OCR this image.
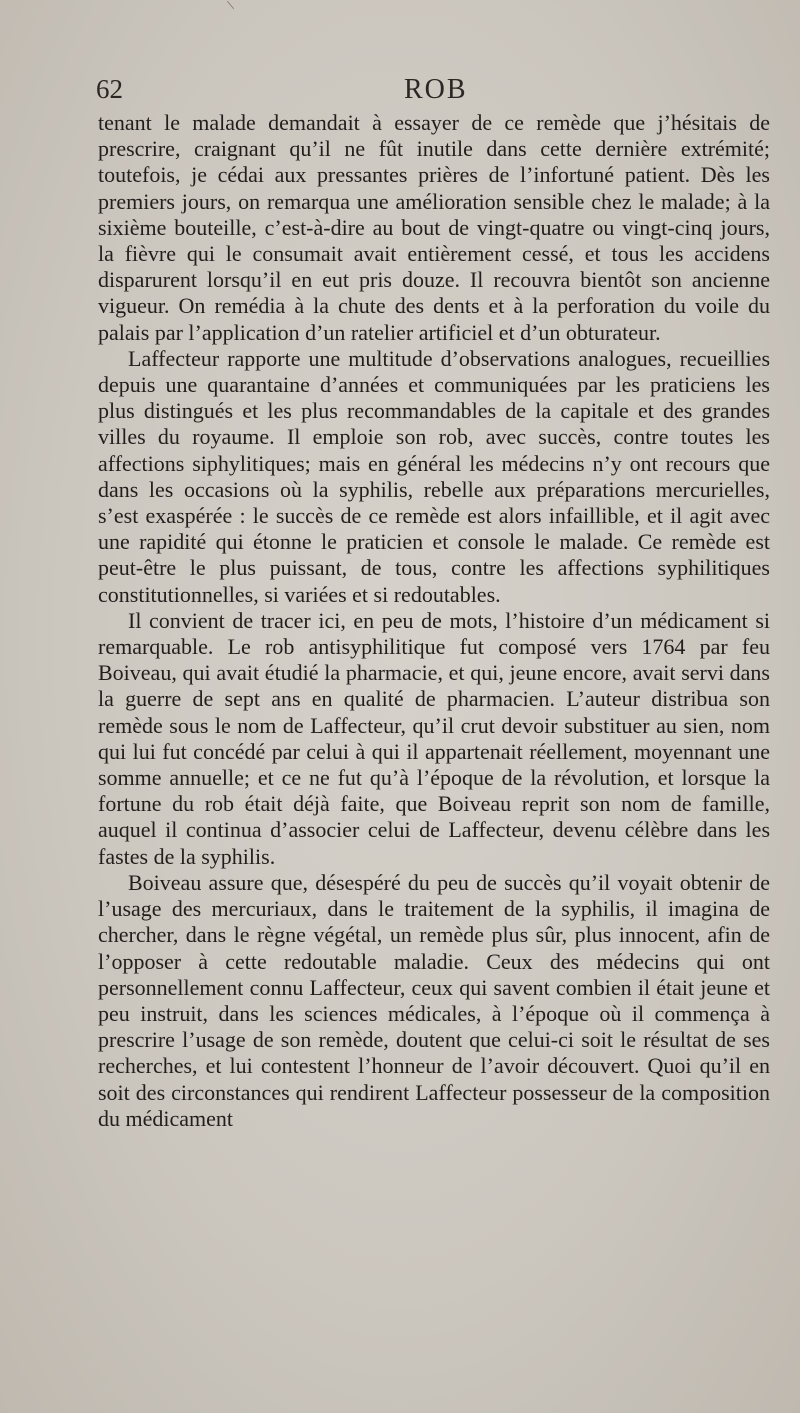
62	ROB

tenant le malade demandait à essayer de ce remède que j’hésitais de prescrire, craignant qu’il ne fût inutile dans cette dernière extrémité; toutefois, je cédai aux pressantes prières de l’infortuné patient. Dès les premiers jours, on remarqua une amélioration sensible chez le malade; à la sixième bouteille, c’est-à-dire au bout de vingt-quatre ou vingt-cinq jours, la fièvre qui le consumait avait entièrement cessé, et tous les accidens disparurent lorsqu’il en eut pris douze. Il recouvra bientôt son ancienne vigueur. On remédia à la chute des dents et à la perforation du voile du palais par l’application d’un ratelier artificiel et d’un obturateur.

Laffecteur rapporte une multitude d’observations analogues, recueillies depuis une quarantaine d’années et communiquées par les praticiens les plus distingués et les plus recommandables de la capitale et des grandes villes du royaume. Il emploie son rob, avec succès, contre toutes les affections siphylitiques; mais en général les médecins n’y ont recours que dans les occasions où la syphilis, rebelle aux préparations mercurielles, s’est exaspérée : le succès de ce remède est alors infaillible, et il agit avec une rapidité qui étonne le praticien et console le malade. Ce remède est peut-être le plus puissant, de tous, contre les affections syphilitiques constitutionnelles, si variées et si redoutables.

Il convient de tracer ici, en peu de mots, l’histoire d’un médicament si remarquable. Le rob antisyphilitique fut composé vers 1764 par feu Boiveau, qui avait étudié la pharmacie, et qui, jeune encore, avait servi dans la guerre de sept ans en qualité de pharmacien. L’auteur distribua son remède sous le nom de Laffecteur, qu’il crut devoir substituer au sien, nom qui lui fut concédé par celui à qui il appartenait réellement, moyennant une somme annuelle; et ce ne fut qu’à l’époque de la révolution, et lorsque la fortune du rob était déjà faite, que Boiveau reprit son nom de famille, auquel il continua d’associer celui de Laffecteur, devenu célèbre dans les fastes de la syphilis.

Boiveau assure que, désespéré du peu de succès qu’il voyait obtenir de l’usage des mercuriaux, dans le traitement de la syphilis, il imagina de chercher, dans le règne végétal, un remède plus sûr, plus innocent, afin de l’opposer à cette redoutable maladie. Ceux des médecins qui ont personnellement connu Laffecteur, ceux qui savent combien il était jeune et peu instruit, dans les sciences médicales, à l’époque où il commença à prescrire l’usage de son remède, doutent que celui-ci soit le résultat de ses recherches, et lui contestent l’honneur de l’avoir découvert. Quoi qu’il en soit des circonstances qui rendirent Laffecteur possesseur de la composition du médicament
